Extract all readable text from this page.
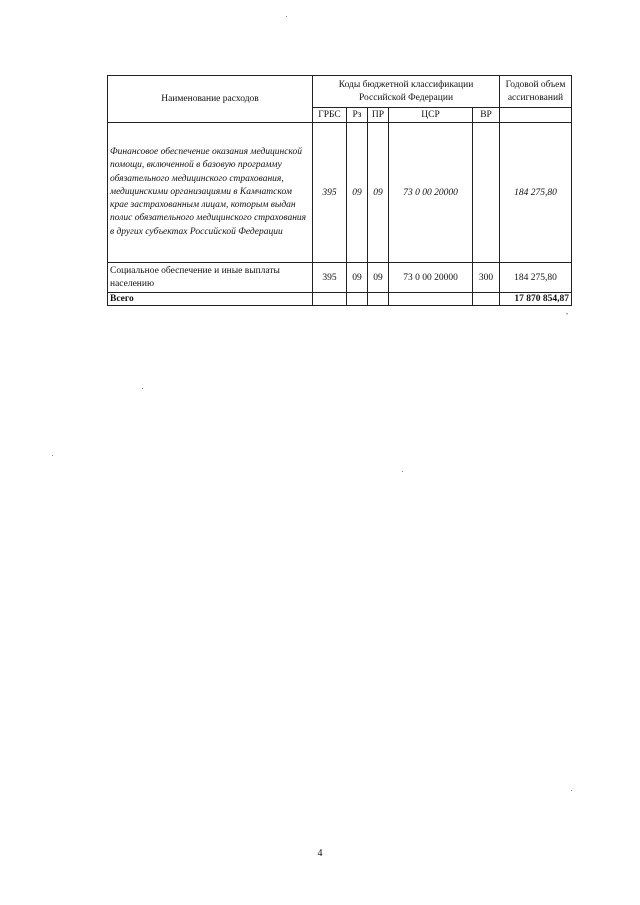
Наименование расходов	Коды бюджетной классификации Российской Федерации					Годовой объем ассигнований
	ГРБС	Рз	ПР	ЦСР	ВР	
Финансовое обеспечение оказания медицинской помощи, включенной в базовую программу обязательного медицинского страхования, медицинскими организациями в Камчатском крае застрахованным лицам, которым выдан полис обязательного медицинского страхования в других субъектах Российской Федерации	395	09	09	73 0 00 20000		184 275,80
Социальное обеспечение и иные выплаты населению	395	09	09	73 0 00 20000	300	184 275,80
Всего						17 870 854,87
"
4
